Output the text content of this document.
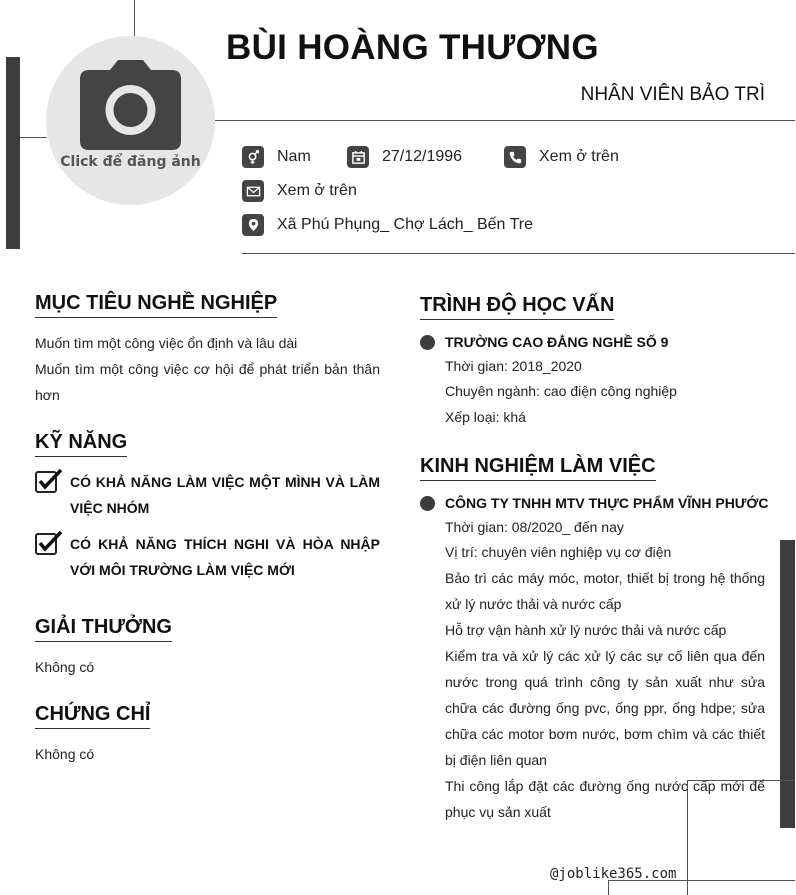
Click để đăng ảnh
BÙI HOÀNG THƯƠNG
NHÂN VIÊN BẢO TRÌ
Nam	27/12/1996	Xem ở trên
Xem ở trên
Xã Phú Phụng_ Chợ Lách_ Bến Tre
MỤC TIÊU NGHỀ NGHIỆP
Muốn tìm một công việc ổn định và lâu dài
Muốn tìm một công việc cơ hội để phát triển bản thân hơn
KỸ NĂNG
CÓ KHẢ NĂNG LÀM VIỆC MỘT MÌNH VÀ LÀM VIỆC NHÓM
CÓ KHẢ NĂNG THÍCH NGHI VÀ HÒA NHẬP VỚI MÔI TRƯỜNG LÀM VIỆC MỚI
GIẢI THƯỞNG
Không có
CHỨNG CHỈ
Không có
TRÌNH ĐỘ HỌC VẤN
TRƯỜNG CAO ĐẲNG NGHỀ SỐ 9
Thời gian: 2018_2020
Chuyên ngành: cao điện công nghiệp
Xếp loại: khá
KINH NGHIỆM LÀM VIỆC
CÔNG TY TNHH MTV THỰC PHẨM VĨNH PHƯỚC
Thời gian: 08/2020_ đến nay
Vị trí: chuyên viên nghiệp vụ cơ điện
Bảo trì các máy móc, motor, thiết bị trong hệ thống xử lý nước thải và nước cấp
Hỗ trợ vận hành xử lý nước thải và nước cấp
Kiểm tra và xử lý các xử lý các sự cố liên qua đến nước trong quá trình công ty sản xuất như sửa chữa các đường ống pvc, ống ppr, ống hdpe; sửa chữa các motor bơm nước, bơm chìm và các thiết bị điện liên quan
Thi công lắp đặt các đường ống nước cấp mới để phục vụ sản xuất
@joblike365.com
